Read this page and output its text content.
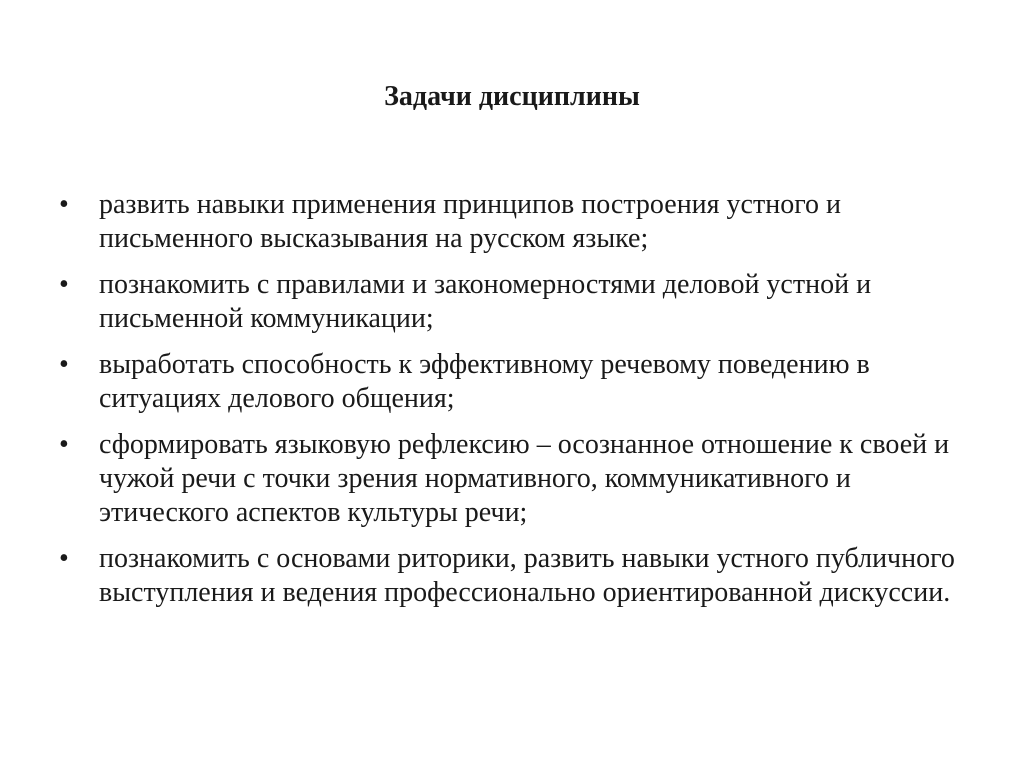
Задачи дисциплины
• развить навыки применения принципов построения устного и письменного высказывания на русском языке;
• познакомить с правилами и закономерностями деловой устной и письменной коммуникации;
• выработать способность к эффективному речевому поведению в ситуациях делового общения;
• сформировать языковую рефлексию – осознанное отношение к своей и чужой речи с точки зрения нормативного, коммуникативного и этического аспектов культуры речи;
• познакомить с основами риторики, развить навыки устного публичного выступления и ведения профессионально ориентированной дискуссии.
